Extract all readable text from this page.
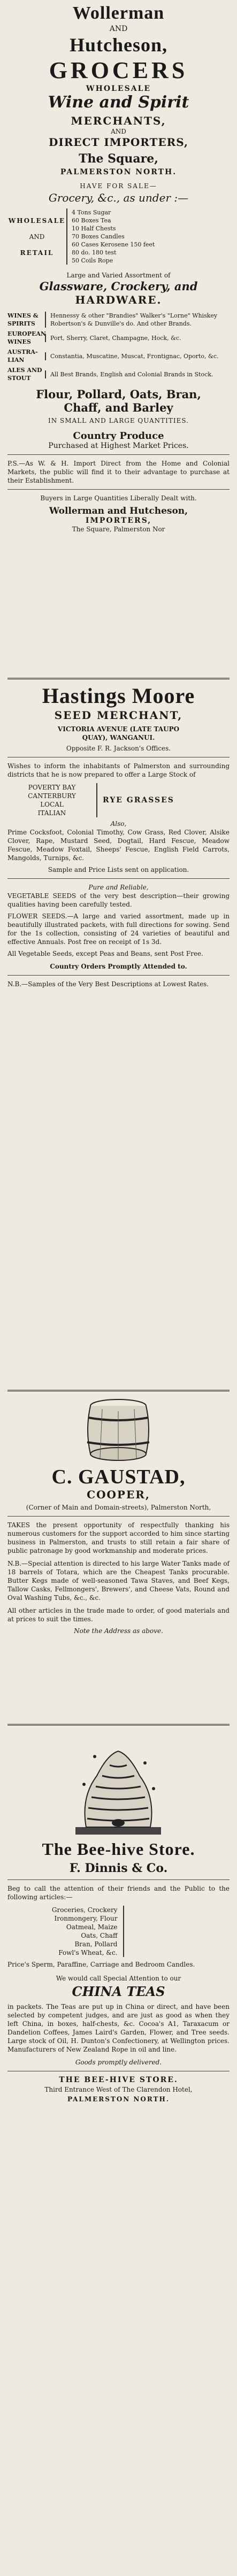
Wollerman
AND
Hutcheson,
GROCERS
WHOLESALE
Wine and Spirit
MERCHANTS,
AND
DIRECT IMPORTERS,
The Square,
PALMERSTON NORTH.
HAVE FOR SALE—
Grocery, &c., as under :—
WHOLESALE
AND
RETAIL
4 Tons Sugar
60 Boxes Tea
10 Half Chests
70 Boxes Candles
60 Cases Kerosene 150 feet
80 do. 180 test
50 Coils Rope
Large and Varied Assortment of
Glassware, Crockery, and
HARDWARE.
WINES & SPIRITS
Hennessy & other "Brandies" Walker's "Lorne" Whiskey Robertson's & Dunville's do. And other Brands.
EUROPEAN WINES
Port, Sherry, Claret, Champagne, Hock, &c.
AUSTRA-LIAN
Constantia, Muscatine, Muscat, Frontignac, Oporto, &c.
ALES AND STOUT
All Best Brands, English and Colonial Brands in Stock.
Flour, Pollard, Oats, Bran,
Chaff, and Barley
IN SMALL AND LARGE QUANTITIES.
Country Produce
Purchased at Highest Market Prices.
P.S.—As W. & H. Import Direct from the Home and Colonial Markets, the public will find it to their advantage to purchase at their Establishment.
Buyers in Large Quantities Liberally Dealt with.
Wollerman and Hutcheson,
IMPORTERS,
The Square, Palmerston Nor
Hastings Moore
SEED MERCHANT,
VICTORIA AVENUE (LATE TAUPO
QUAY), WANGANUI.
Opposite F. R. Jackson's Offices.
Wishes to inform the inhabitants of Palmerston and surrounding districts that he is now prepared to offer a Large Stock of
POVERTY BAY
CANTERBURY
LOCAL
ITALIAN
RYE GRASSES
Also,
Prime Cocksfoot, Colonial Timothy, Cow Grass, Red Clover, Alsike Clover, Rape, Mustard Seed, Dogtail, Hard Fescue, Meadow Fescue, Meadow Foxtail, Sheeps' Fescue, English Field Carrots, Mangolds, Turnips, &c.
Sample and Price Lists sent on application.
Pure and Reliable,
VEGETABLE SEEDS of the very best description—their growing qualities having been carefully tested.
FLOWER SEEDS.—A large and varied assortment, made up in beautifully illustrated packets, with full directions for sowing. Send for the 1s collection, consisting of 24 varieties of beautiful and effective Annuals. Post free on receipt of 1s 3d.
All Vegetable Seeds, except Peas and Beans, sent Post Free.
Country Orders Promptly Attended to.
N.B.—Samples of the Very Best Descriptions at Lowest Rates.
C. GAUSTAD,
COOPER,
(Corner of Main and Domain-streets), Palmerston North,
TAKES the present opportunity of respectfully thanking his numerous customers for the support accorded to him since starting business in Palmerston, and trusts to still retain a fair share of public patronage by good workmanship and moderate prices.
N.B.—Special attention is directed to his large Water Tanks made of 18 barrels of Totara, which are the Cheapest Tanks procurable. Butter Kegs made of well-seasoned Tawa Staves, and Beef Kegs, Tallow Casks, Fellmongers', Brewers', and Cheese Vats, Round and Oval Washing Tubs, &c., &c.
All other articles in the trade made to order, of good materials and at prices to suit the times.
Note the Address as above.
The Bee-hive Store.
F. Dinnis & Co.
Beg to call the attention of their friends and the Public to the following articles:—
Groceries, Crockery
Ironmongery, Flour
Oatmeal, Maize
Oats, Chaff
Bran, Pollard
Fowl's Wheat, &c.
Price's Sperm, Paraffine, Carriage and Bedroom Candles.
We would call Special Attention to our
CHINA TEAS
in packets. The Teas are put up in China or direct, and have been selected by competent judges, and are just as good as when they left China, in boxes, half-chests, &c. Cocoa's A1, Taraxacum or Dandelion Coffees, James Laird's Garden, Flower, and Tree seeds. Large stock of Oil, H. Dunton's Confectionery, at Wellington prices. Manufacturers of New Zealand Rope in oil and line.
Goods promptly delivered.
THE BEE-HIVE STORE.
Third Entrance West of The Clarendon Hotel,
PALMERSTON NORTH.
